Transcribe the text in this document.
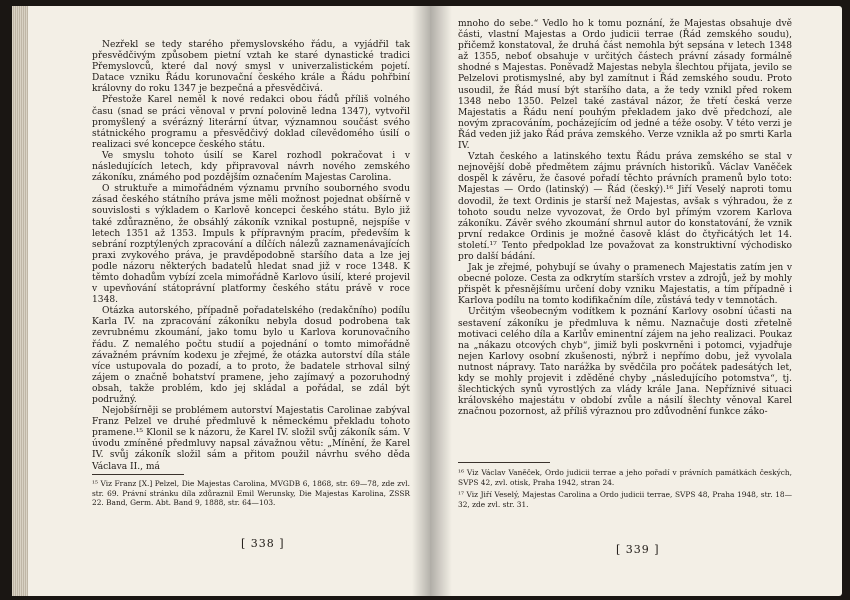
Nezřekl se tedy starého přemyslovského řádu, a vyjádřil tak přesvědčivým způsobem pietní vztah ke staré dynastické tradici Přemyslovců, které dal nový smysl v univerzalistickém pojetí. Datace vzniku Řádu korunovační českého krále a Řádu pohřbiní královny do roku 1347 je bezpečná a přesvědčivá.

Přestože Karel neměl k nové redakci obou řádů příliš volného času (snad se práci věnoval v první polovině ledna 1347), vytvořil promyšlený a svérázný literární útvar, významnou součást svého státnického programu a přesvědčivý doklad cílevědomého úsilí o realizaci své koncepce českého státu.

Ve smyslu tohoto úsilí se Karel rozhodl pokračovat i v následujících letech, kdy připravoval návrh nového zemského zákoníku, známého pod pozdějším označením Majestas Carolina.

O struktuře a mimořádném významu prvního souborného svodu zásad českého státního práva jsme měli možnost pojednat obšírně v souvislosti s výkladem o Karlově koncepci českého státu. Bylo již také zdůrazněno, že obsáhlý zákoník vznikal postupně, nejspíše v letech 1351 až 1353. Impuls k přípravným pracím, především k sebrání rozptýlených zpracování a dílčích nálezů zaznamenávajících praxi zvykového práva, je pravděpodobně staršího data a lze jej podle názoru některých badatelů hledat snad již v roce 1348. K těmto dohadům vybízí zcela mimořádně Karlovo úsilí, které projevil v upevňování státoprávní platformy českého státu právě v roce 1348.

Otázka autorského, případně pořadatelského (redakčního) podílu Karla IV. na zpracování zákoníku nebyla dosud podrobena tak zevrubnému zkoumání, jako tomu bylo u Karlova korunovačního řádu. Z nemalého počtu studií a pojednání o tomto mimořádně závažném právním kodexu je zřejmé, že otázka autorství díla stále více ustupovala do pozadí, a to proto, že badatele strhoval silný zájem o značně bohatství pramene, jeho zajímavý a pozoruhodný obsah, takže problém, kdo jej skládal a pořádal, se zdál být podružný.

Nejobšírněji se problémem autorství Majestatis Carolinae zabýval Franz Pelzel ve druhé předmluvě k německému překladu tohoto pramene.¹⁵ Klonil se k názoru, že Karel IV. složil svůj zákoník sám. V úvodu zmíněné předmluvy napsal závažnou větu: „Mínění, že Karel IV. svůj zákoník složil sám a přitom použil návrhu svého děda Václava II., má

¹⁵ Viz Franz [X.] Pelzel, Die Majestas Carolina, MVGDB 6, 1868, str. 69—78, zde zvl. str. 69. Právní stránku díla zdůraznil Emil Werunsky, Die Majestas Karolina, ZSSR 22. Band, Germ. Abt. Band 9, 1888, str. 64—103.

[ 338 ]

mnoho do sebe.“ Vedlo ho k tomu poznání, že Majestas obsahuje dvě části, vlastní Majestas a Ordo judicii terrae (Řád zemského soudu), přičemž konstatoval, že druhá část nemohla být sepsána v letech 1348 až 1355, neboť obsahuje v určitých částech právní zásady formálně shodné s Majestas. Poněvadž Majestas nebyla šlechtou přijata, jevilo se Pelzelovi protismyslné, aby byl zamítnut i Řád zemského soudu. Proto usoudil, že Řád musí být staršího data, a že tedy vznikl před rokem 1348 nebo 1350. Pelzel také zastával názor, že třetí česká verze Majestatis a Řádu není pouhým překladem jako dvě předchozí, ale novým zpracováním, pocházejícím od jedné a téže osoby. V této verzi je Řád veden již jako Řád práva zemského. Verze vznikla až po smrti Karla IV.

Vztah českého a latinského textu Řádu práva zemského se stal v nejnovější době předmětem zájmu právních historiků. Václav Vaněček dospěl k závěru, že časové pořadí těchto právních pramenů bylo toto: Majestas — Ordo (latinský) — Řád (český).¹⁶ Jiří Veselý naproti tomu dovodil, že text Ordinis je starší než Majestas, avšak s výhradou, že z tohoto soudu nelze vyvozovat, že Ordo byl přímým vzorem Karlova zákoníku. Závěr svého zkoumání shrnul autor do konstatování, že vznik první redakce Ordinis je možné časově klást do čtyřicátých let 14. století.¹⁷ Tento předpoklad lze považovat za konstruktivní východisko pro další bádání.

Jak je zřejmé, pohybují se úvahy o pramenech Majestatis zatím jen v obecné poloze. Cesta za odkrytím starších vrstev a zdrojů, jež by mohly přispět k přesnějšímu určení doby vzniku Majestatis, a tím případně i Karlova podílu na tomto kodifikačním díle, zůstává tedy v temnotách.

Určitým všeobecným vodítkem k poznání Karlovy osobní účasti na sestavení zákoníku je předmluva k němu. Naznačuje dosti zřetelně motivaci celého díla a Karlův eminentní zájem na jeho realizaci. Poukaz na „nákazu otcových chyb“, jimiž byli poskvrněni i potomci, vyjadřuje nejen Karlovy osobní zkušenosti, nýbrž i nepřímo dobu, jež vyvolala nutnost nápravy. Tato narážka by svědčila pro počátek padesátých let, kdy se mohly projevit i zděděné chyby „následujícího potomstva“, tj. šlechtických synů vyrostlých za vlády krále Jana. Nepříznivé situaci královského majestátu v období zvůle a násilí šlechty věnoval Karel značnou pozornost, až příliš výraznou pro zdůvodnění funkce záko-

¹⁶ Viz Václav Vaněček, Ordo judicii terrae a jeho pořadí v právních památkách českých, SVPS 42, zvl. otisk, Praha 1942, stran 24.

¹⁷ Viz Jiří Veselý, Majestas Carolina a Ordo judicii terrae, SVPS 48, Praha 1948, str. 18—32, zde zvl. str. 31.

[ 339 ]
